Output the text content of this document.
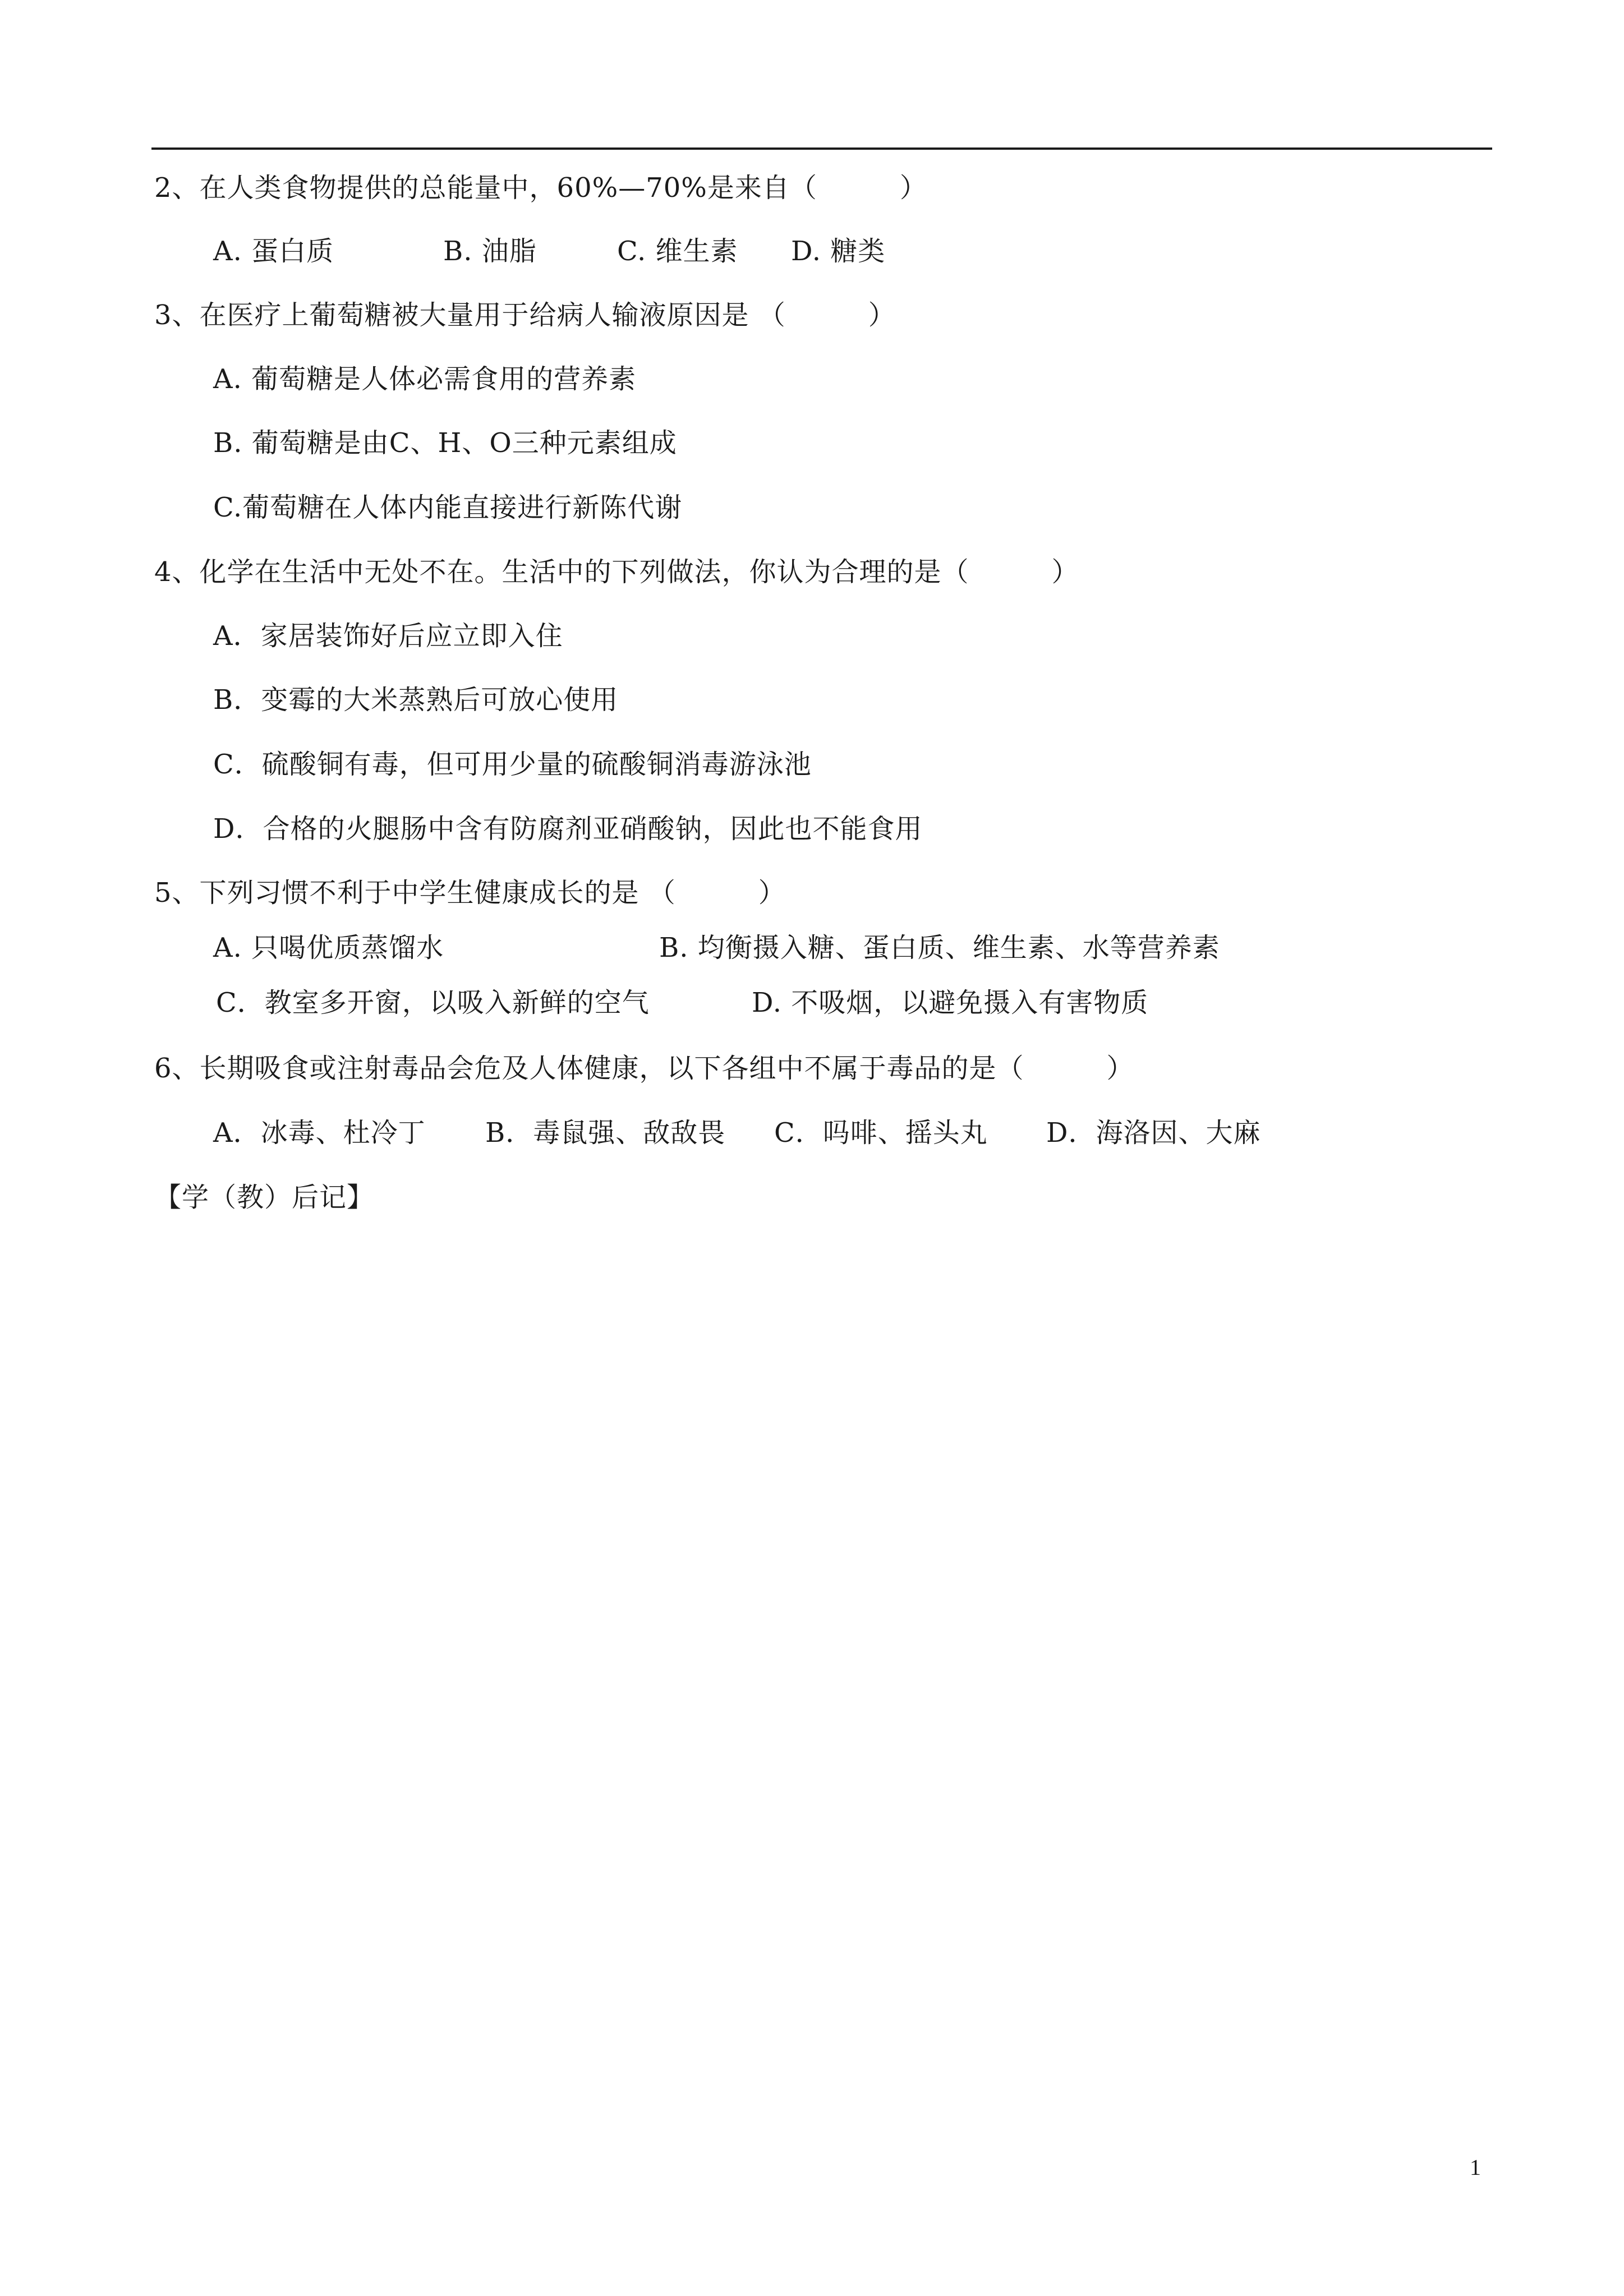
2、在人类食物提供的总能量中，60%—70%是来自（　　　）
A. 蛋白质	B. 油脂	C. 维生素 D. 糖类
3、在医疗上葡萄糖被大量用于给病人输液原因是 （　　　）
A. 葡萄糖是人体必需食用的营养素
B. 葡萄糖是由C、H、O三种元素组成
C.葡萄糖在人体内能直接进行新陈代谢
4、化学在生活中无处不在。生活中的下列做法，你认为合理的是（　　　）
A．家居装饰好后应立即入住
B．变霉的大米蒸熟后可放心使用
C．硫酸铜有毒，但可用少量的硫酸铜消毒游泳池
D．合格的火腿肠中含有防腐剂亚硝酸钠，因此也不能食用
5、下列习惯不利于中学生健康成长的是 （　　　）
A. 只喝优质蒸馏水	B. 均衡摄入糖、蛋白质、维生素、水等营养素
C．教室多开窗，以吸入新鲜的空气	D. 不吸烟，以避免摄入有害物质
6、长期吸食或注射毒品会危及人体健康，以下各组中不属于毒品的是（　　　）
A．冰毒、杜冷丁 B．毒鼠强、敌敌畏 C．吗啡、摇头丸 D．海洛因、大麻
【学（教）后记】
1
